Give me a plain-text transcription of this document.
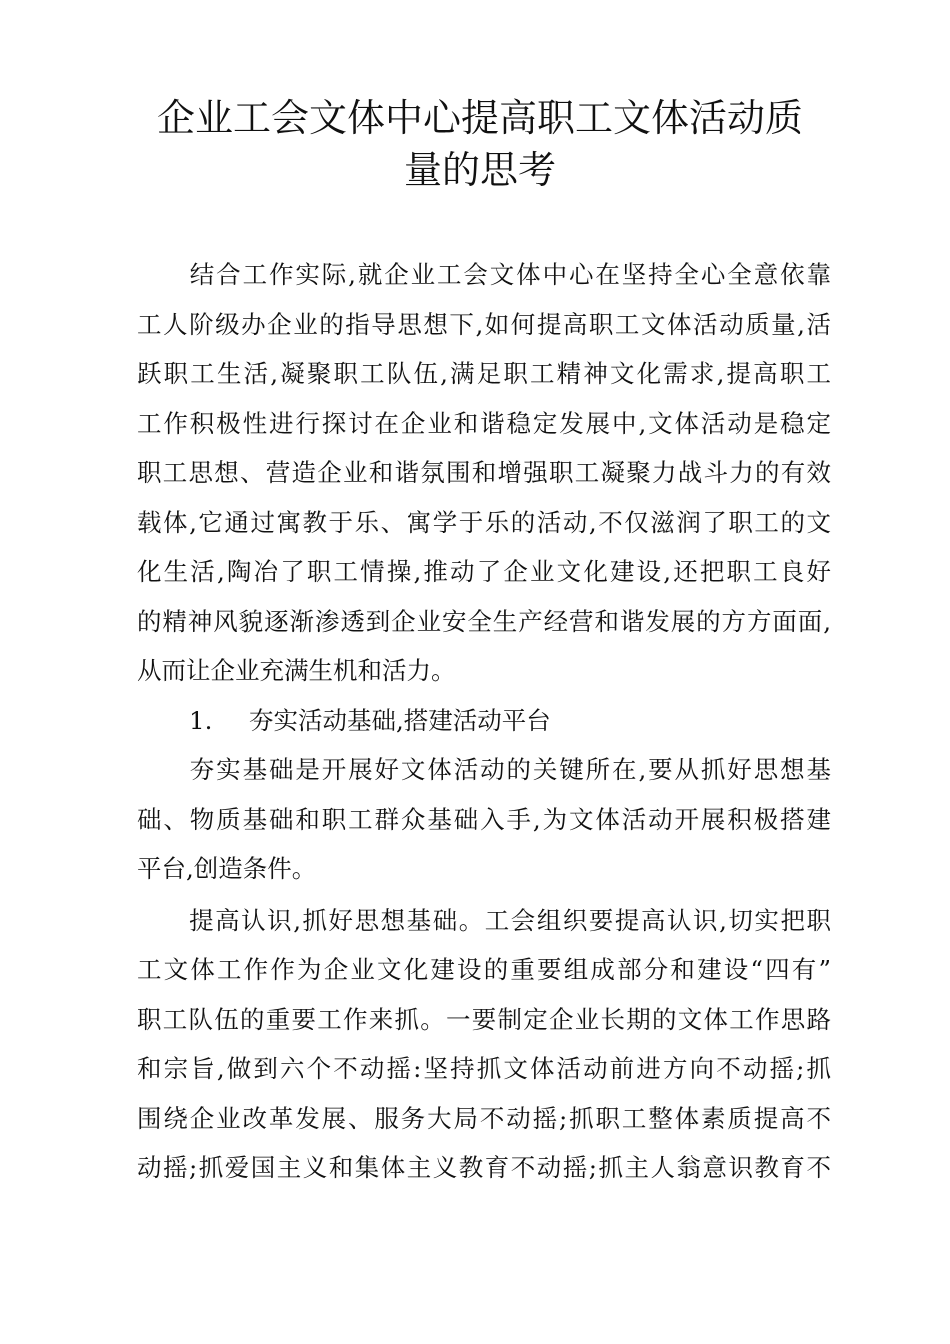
企业工会文体中心提高职工文体活动质
量的思考

　　结合工作实际,就企业工会文体中心在坚持全心全意依靠
工人阶级办企业的指导思想下,如何提高职工文体活动质量,活
跃职工生活,凝聚职工队伍,满足职工精神文化需求,提高职工
工作积极性进行探讨在企业和谐稳定发展中,文体活动是稳定
职工思想、营造企业和谐氛围和增强职工凝聚力战斗力的有效
载体,它通过寓教于乐、寓学于乐的活动,不仅滋润了职工的文
化生活,陶冶了职工情操,推动了企业文化建设,还把职工良好
的精神风貌逐渐渗透到企业安全生产经营和谐发展的方方面面,
从而让企业充满生机和活力。

1. 夯实活动基础,搭建活动平台

　　夯实基础是开展好文体活动的关键所在,要从抓好思想基
础、物质基础和职工群众基础入手,为文体活动开展积极搭建
平台,创造条件。

　　提高认识,抓好思想基础。工会组织要提高认识,切实把职
工文体工作作为企业文化建设的重要组成部分和建设“四有”
职工队伍的重要工作来抓。一要制定企业长期的文体工作思路
和宗旨,做到六个不动摇:坚持抓文体活动前进方向不动摇;抓
围绕企业改革发展、服务大局不动摇;抓职工整体素质提高不
动摇;抓爱国主义和集体主义教育不动摇;抓主人翁意识教育不
